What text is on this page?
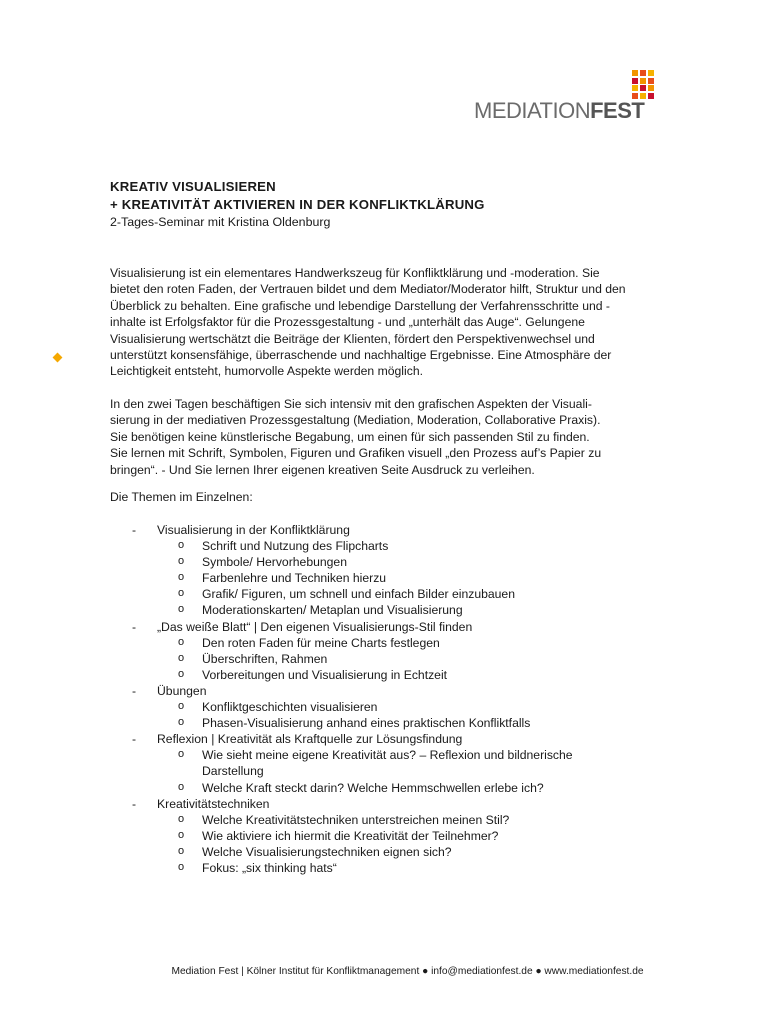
MEDIATIONFEST
KREATIV VISUALISIEREN
+ KREATIVITÄT AKTIVIEREN IN DER KONFLIKTKLÄRUNG
2-Tages-Seminar mit Kristina Oldenburg
Visualisierung ist ein elementares Handwerkszeug für Konfliktklärung und -moderation. Sie
bietet den roten Faden, der Vertrauen bildet und dem Mediator/Moderator hilft, Struktur und den
Überblick zu behalten. Eine grafische und lebendige Darstellung der Verfahrensschritte und -
inhalte ist Erfolgsfaktor für die Prozessgestaltung - und „unterhält das Auge“. Gelungene
Visualisierung wertschätzt die Beiträge der Klienten, fördert den Perspektivenwechsel und
unterstützt konsensfähige, überraschende und nachhaltige Ergebnisse. Eine Atmosphäre der
Leichtigkeit entsteht, humorvolle Aspekte werden möglich.
In den zwei Tagen beschäftigen Sie sich intensiv mit den grafischen Aspekten der Visuali-
sierung in der mediativen Prozessgestaltung (Mediation, Moderation, Collaborative Praxis).
Sie benötigen keine künstlerische Begabung, um einen für sich passenden Stil zu finden.
Sie lernen mit Schrift, Symbolen, Figuren und Grafiken visuell „den Prozess auf’s Papier zu
bringen“. - Und Sie lernen Ihrer eigenen kreativen Seite Ausdruck zu verleihen.
Die Themen im Einzelnen:
- Visualisierung in der Konfliktklärung
o Schrift und Nutzung des Flipcharts
o Symbole/ Hervorhebungen
o Farbenlehre und Techniken hierzu
o Grafik/ Figuren, um schnell und einfach Bilder einzubauen
o Moderationskarten/ Metaplan und Visualisierung
- „Das weiße Blatt“ | Den eigenen Visualisierungs-Stil finden
o Den roten Faden für meine Charts festlegen
o Überschriften, Rahmen
o Vorbereitungen und Visualisierung in Echtzeit
- Übungen
o Konfliktgeschichten visualisieren
o Phasen-Visualisierung anhand eines praktischen Konfliktfalls
- Reflexion | Kreativität als Kraftquelle zur Lösungsfindung
o Wie sieht meine eigene Kreativität aus? – Reflexion und bildnerische
Darstellung
o Welche Kraft steckt darin? Welche Hemmschwellen erlebe ich?
- Kreativitätstechniken
o Welche Kreativitätstechniken unterstreichen meinen Stil?
o Wie aktiviere ich hiermit die Kreativität der Teilnehmer?
o Welche Visualisierungstechniken eignen sich?
o Fokus: „six thinking hats“
Mediation Fest | Kölner Institut für Konfliktmanagement ● info@mediationfest.de ● www.mediationfest.de
